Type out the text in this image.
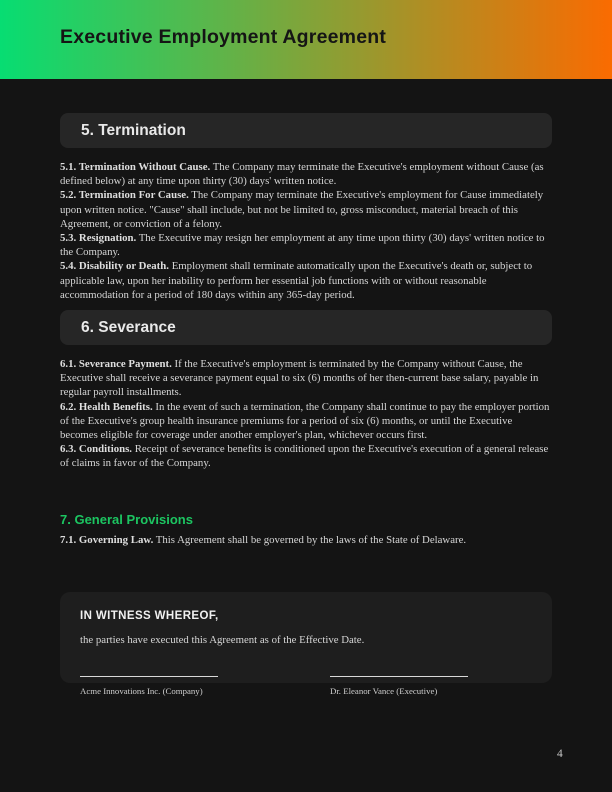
Executive Employment Agreement
5. Termination

5.1. Termination Without Cause. The Company may terminate the Executive's employment without Cause (as defined below) at any time upon thirty (30) days' written notice.

5.2. Termination For Cause. The Company may terminate the Executive's employment for Cause immediately upon written notice. "Cause" shall include, but not be limited to, gross misconduct, material breach of this Agreement, or conviction of a felony.

5.3. Resignation. The Executive may resign her employment at any time upon thirty (30) days' written notice to the Company.

5.4. Disability or Death. Employment shall terminate automatically upon the Executive's death or, subject to applicable law, upon her inability to perform her essential job functions with or without reasonable accommodation for a period of 180 days within any 365-day period.

6. Severance

6.1. Severance Payment. If the Executive's employment is terminated by the Company without Cause, the Executive shall receive a severance payment equal to six (6) months of her then-current base salary, payable in regular payroll installments.

6.2. Health Benefits. In the event of such a termination, the Company shall continue to pay the employer portion of the Executive's group health insurance premiums for a period of six (6) months, or until the Executive becomes eligible for coverage under another employer's plan, whichever occurs first.

6.3. Conditions. Receipt of severance benefits is conditioned upon the Executive's execution of a general release of claims in favor of the Company.

7. General Provisions

7.1. Governing Law. This Agreement shall be governed by the laws of the State of Delaware.

IN WITNESS WHEREOF,
the parties have executed this Agreement as of the Effective Date.
Acme Innovations Inc. (Company)	Dr. Eleanor Vance (Executive)
4
